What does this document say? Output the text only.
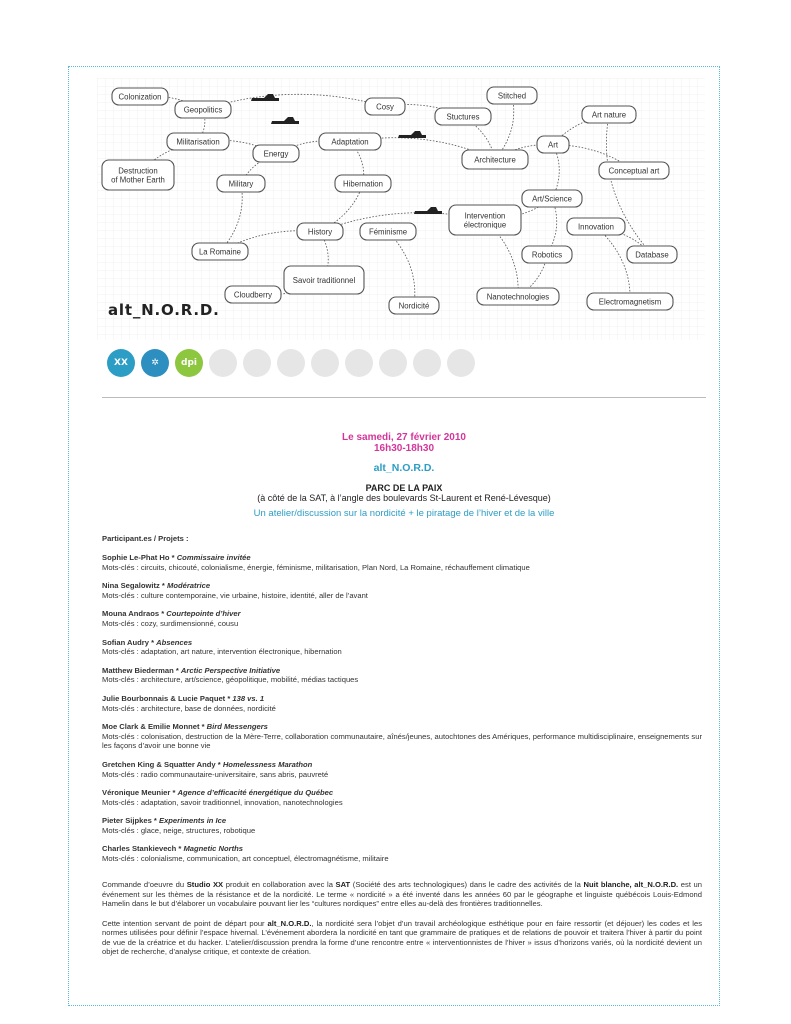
Colonization
Geopolitics
Militarisation
Energy
Destruction
of Mother Earth	Military
La Romaine
Cloudberry
Cosy
Adaptation
Hibernation
History	Féminisme
Savoir traditionnel
Nordicité
Stuctures
Stitched
Architecture
Intervention
électronique
Nanotechnologies
Art nature
Art
Conceptual art
Art/Science
Innovation
Robotics	Database
Electromagnetism
alt_N.O.R.D.
XX	✲	dpi
Le samedi, 27 février 2010
16h30-18h30
alt_N.O.R.D.
PARC DE LA PAIX
(à côté de la SAT, à l’angle des boulevards St-Laurent et René-Lévesque)
Un atelier/discussion sur la nordicité + le piratage de l’hiver et de la ville
Participant.es / Projets :
Sophie Le-Phat Ho * Commissaire invitée
Mots-clés : circuits, chicouté, colonialisme, énergie, féminisme, militarisation, Plan Nord, La Romaine, réchauffement climatique
Nina Segalowitz * Modératrice
Mots-clés : culture contemporaine, vie urbaine, histoire, identité, aller de l’avant
Mouna Andraos * Courtepointe d’hiver
Mots-clés : cozy, surdimensionné, cousu
Sofian Audry * Absences
Mots-clés : adaptation, art nature, intervention électronique, hibernation
Matthew Biederman * Arctic Perspective Initiative
Mots-clés : architecture, art/science, géopolitique, mobilité, médias tactiques
Julie Bourbonnais & Lucie Paquet * 138 vs. 1
Mots-clés : architecture, base de données, nordicité
Moe Clark & Emilie Monnet * Bird Messengers
Mots-clés : colonisation, destruction de la Mère-Terre, collaboration communautaire, aînés/jeunes, autochtones des Amériques, performance multidisciplinaire, enseignements sur les façons d’avoir une bonne vie
Gretchen King & Squatter Andy * Homelessness Marathon
Mots-clés : radio communautaire-universitaire, sans abris, pauvreté
Véronique Meunier * Agence d’efficacité énergétique du Québec
Mots-clés : adaptation, savoir traditionnel, innovation, nanotechnologies
Pieter Sijpkes * Experiments in Ice
Mots-clés : glace, neige, structures, robotique
Charles Stankievech * Magnetic Norths
Mots-clés : colonialisme, communication, art conceptuel, électromagnétisme, militaire

Commande d’oeuvre du Studio XX produit en collaboration avec la SAT (Société des arts technologiques) dans le cadre des activités de la Nuit blanche, alt_N.O.R.D. est un événement sur les thèmes de la résistance et de la nordicité. Le terme « nordicité » a été inventé dans les années 60 par le géographe et linguiste québécois Louis-Edmond Hamelin dans le but d’élaborer un vocabulaire pouvant lier les “cultures nordiques” entre elles au-delà des frontières traditionnelles.

Cette intention servant de point de départ pour alt_N.O.R.D., la nordicité sera l’objet d’un travail archéologique esthétique pour en faire ressortir (et déjouer) les codes et les normes utilisées pour définir l’espace hivernal. L’événement abordera la nordicité en tant que grammaire de pratiques et de relations de pouvoir et traitera l’hiver à partir du point de vue de la créatrice et du hacker. L’atelier/discussion prendra la forme d’une rencontre entre « interventionnistes de l’hiver » issus d’horizons variés, où la nordicité devient un objet de recherche, d’analyse critique, et contexte de création.
